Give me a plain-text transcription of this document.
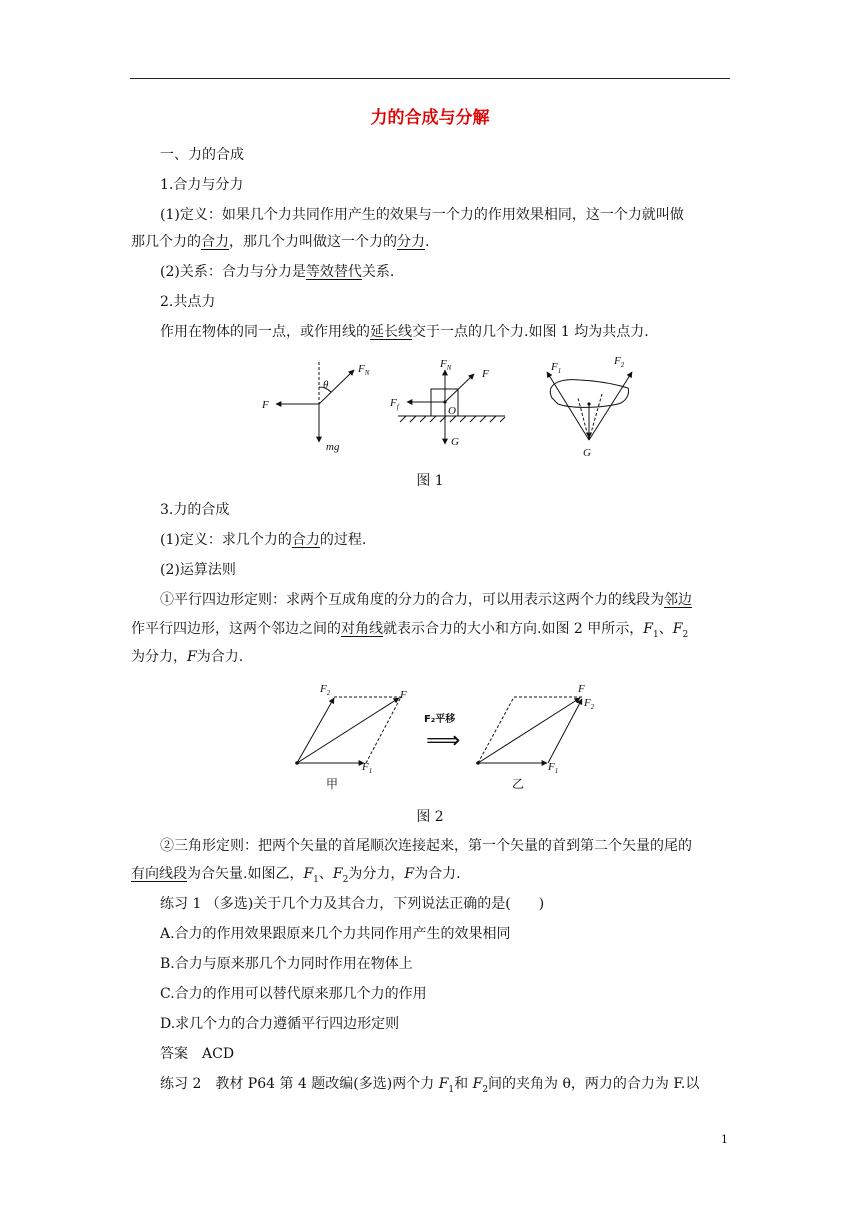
力的合成与分解
一、力的合成
1.合力与分力
(1)定义：如果几个力共同作用产生的效果与一个力的作用效果相同，这一个力就叫做
那几个力的合力，那几个力叫做这一个力的分力.
(2)关系：合力与分力是等效替代关系.
2.共点力
作用在物体的同一点，或作用线的延长线交于一点的几个力.如图 1 均为共点力.
F
$F_N$
θ
mg
$F_N$	F
$F_f$	O
G
$F_1$
$F_2$
G
图 1
3.力的合成
(1)定义：求几个力的合力的过程.
(2)运算法则
①平行四边形定则：求两个互成角度的分力的合力，可以用表示这两个力的线段为邻边
作平行四边形，这两个邻边之间的对角线就表示合力的大小和方向.如图 2 甲所示，$F_1$、$F_2$
为分力，F为合力.
$F_2$	F
$F_1$
甲
F₂平移
⟹
F
$F_2$
$F_1$
乙
图 2
②三角形定则：把两个矢量的首尾顺次连接起来，第一个矢量的首到第二个矢量的尾的
有向线段为合矢量.如图乙，$F_1$、$F_2$为分力，F为合力.
练习 1 （多选)关于几个力及其合力，下列说法正确的是(　　)
A.合力的作用效果跟原来几个力共同作用产生的效果相同
B.合力与原来那几个力同时作用在物体上
C.合力的作用可以替代原来那几个力的作用
D.求几个力的合力遵循平行四边形定则
答案　ACD
练习 2　教材 P64 第 4 题改编(多选)两个力 $F_1$和 $F_2$间的夹角为 θ，两力的合力为 F.以
1
